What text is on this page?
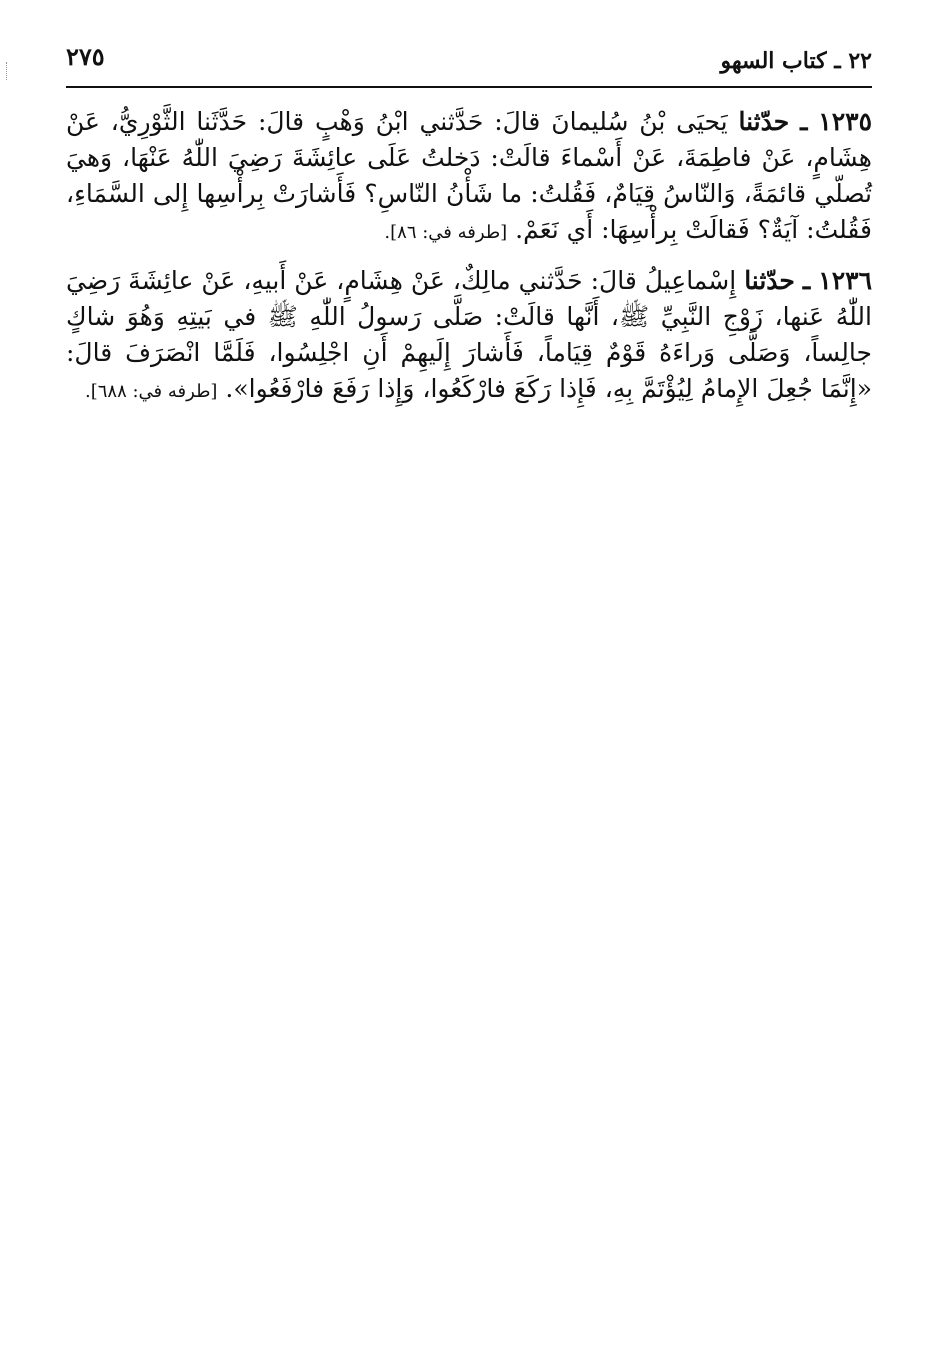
٢٢ ـ كتاب السهو
٢٧٥

١٢٣٥ ـ حدّثنا يَحيَى بْنُ سُليمانَ قالَ: حَدَّثني ابْنُ وَهْبٍ قالَ: حَدَّثَنا الثَّوْرِيُّ، عَنْ هِشَامٍ، عَنْ فاطِمَةَ، عَنْ أَسْماءَ قالَتْ: دَخلتُ عَلَى عائِشَةَ رَضِيَ اللّٰهُ عَنْهَا، وَهيَ تُصلّي قائمَةً، وَالنّاسُ قِيَامٌ، فَقُلتُ: ما شَأْنُ النّاسِ؟ فَأَشارَتْ بِرأْسِها إِلى السَّمَاءِ، فَقُلتُ: آيَةٌ؟ فَقالَتْ بِرأْسِهَا: أَي نَعَمْ. [طرفه في: ٨٦].

١٢٣٦ ـ حدّثنا إِسْماعِيلُ قالَ: حَدَّثني مالِكٌ، عَنْ هِشَامٍ، عَنْ أَبيهِ، عَنْ عائِشَةَ رَضِيَ اللّٰهُ عَنها، زَوْجِ النَّبِيِّ ﷺ، أَنَّها قالَتْ: صَلَّى رَسولُ اللّٰهِ ﷺ في بَيتِهِ وَهُوَ شاكٍ جالِساً، وَصَلَّى وَراءَهُ قَوْمٌ قِيَاماً، فَأَشارَ إِلَيهِمْ أَنِ اجْلِسُوا، فَلَمَّا انْصَرَفَ قالَ: «إِنَّمَا جُعِلَ الإِمامُ لِيُؤْتَمَّ بِهِ، فَإِذا رَكَعَ فارْكَعُوا، وَإِذا رَفَعَ فارْفَعُوا». [طرفه في: ٦٨٨].
